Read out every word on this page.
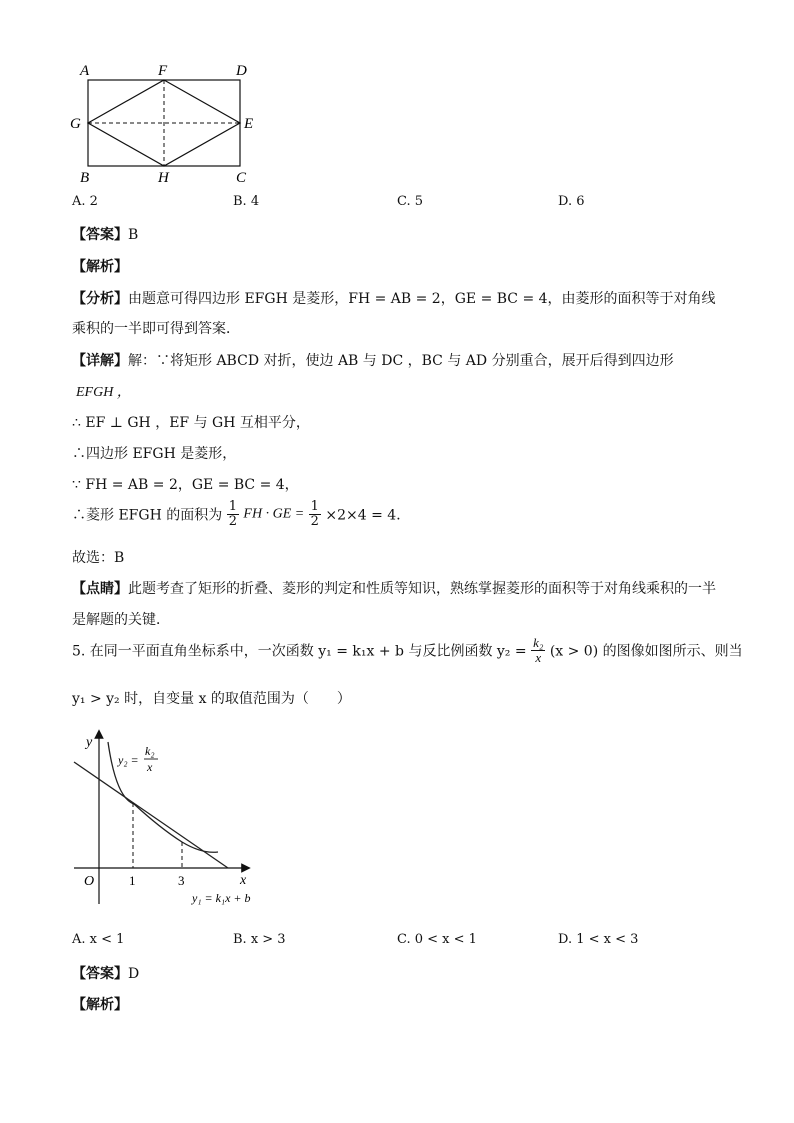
A	F	D
G	E
B	H	C
A. 2	B. 4	C. 5	D. 6
【答案】B
【解析】
【分析】由题意可得四边形 EFGH 是菱形，FH = AB = 2，GE = BC = 4，由菱形的面积等于对角线
乘积的一半即可得到答案．
【详解】解：∵将矩形 ABCD 对折，使边 AB 与 DC ，BC 与 AD 分别重合，展开后得到四边形
EFGH ，
∴ EF ⊥ GH ，EF 与 GH 互相平分，
∴四边形 EFGH 是菱形，
∵ FH = AB = 2，GE = BC = 4，
∴菱形 EFGH 的面积为 $\frac{1}{2}$ FH · GE = $\frac{1}{2} \times 2\times 4 = 4$．
故选：B
【点睛】此题考查了矩形的折叠、菱形的判定和性质等知识，熟练掌握菱形的面积等于对角线乘积的一半
是解题的关键．
5. 在同一平面直角坐标系中，一次函数 y₁ = k₁x + b 与反比例函数 $y_2 = \frac{\text{k₂}}{x} (x > 0)$ 的图像如图所示、则当
y₁ > y₂ 时，自变量 x 的取值范围为（　　）
y
x
O	1	3
y₂ =
k₂
x
y₁ = k₁x + b
A. x < 1	B. x > 3	C. 0 < x < 1	D. 1 < x < 3
【答案】D
【解析】
